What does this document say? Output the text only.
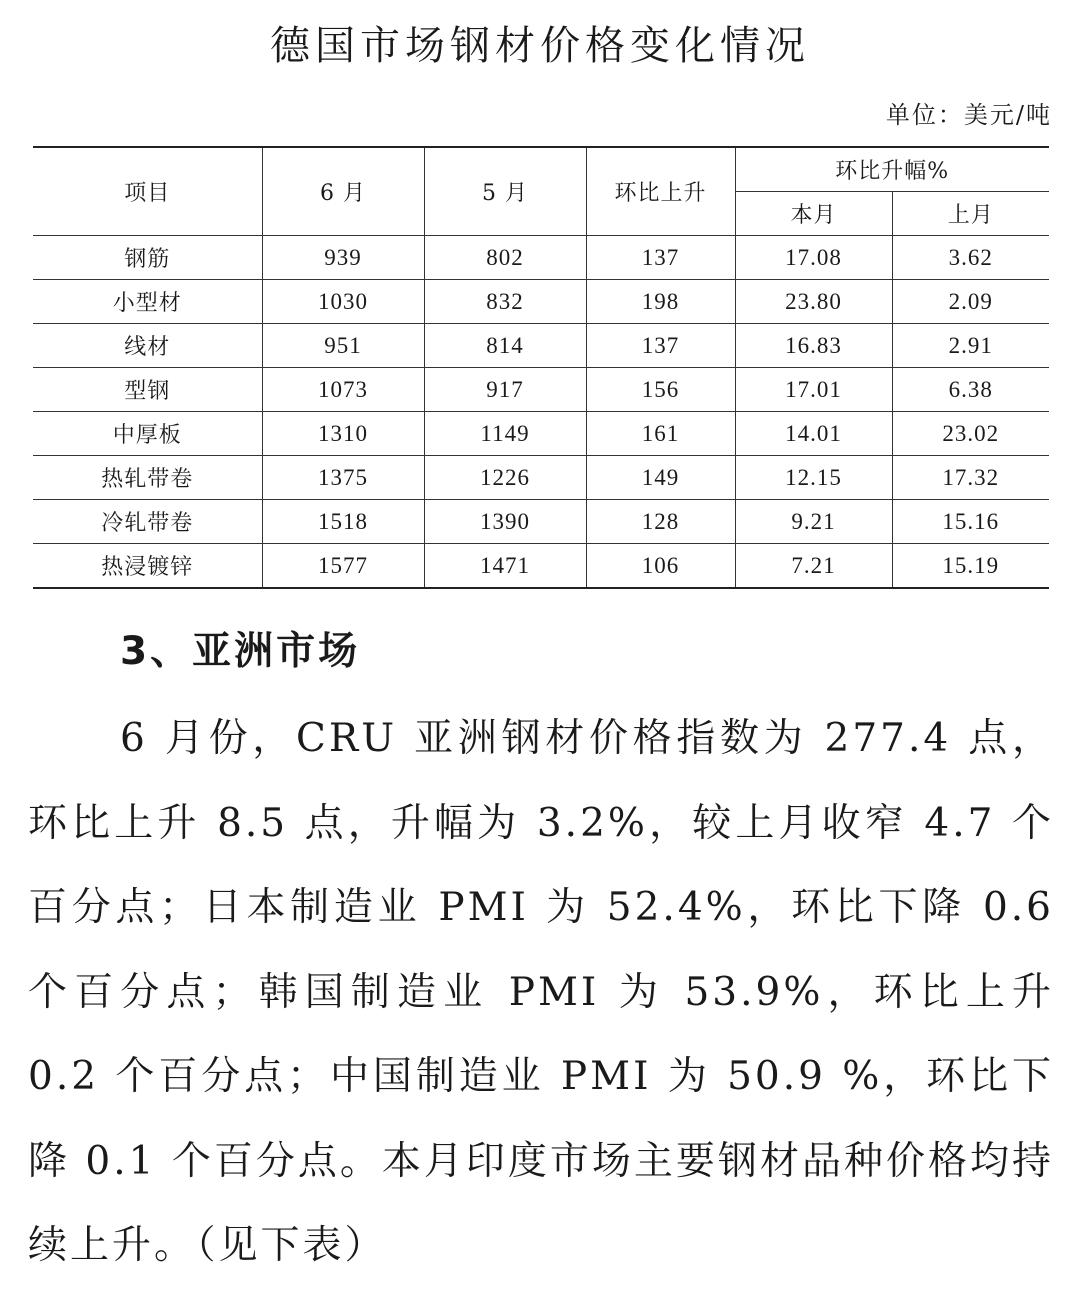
德国市场钢材价格变化情况
单位：美元/吨
项目	6 月	5 月	环比上升	环比升幅%	
				本月	上月
钢筋	939	802	137	17.08	3.62
小型材	1030	832	198	23.80	2.09
线材	951	814	137	16.83	2.91
型钢	1073	917	156	17.01	6.38
中厚板	1310	1149	161	14.01	23.02
热轧带卷	1375	1226	149	12.15	17.32
冷轧带卷	1518	1390	128	9.21	15.16
热浸镀锌	1577	1471	106	7.21	15.19
3、亚洲市场

6 月份，CRU 亚洲钢材价格指数为 277.4 点，环比上升 8.5 点，升幅为 3.2%，较上月收窄 4.7 个百分点；日本制造业 PMI 为 52.4%，环比下降 0.6 个百分点；韩国制造业 PMI 为 53.9%，环比上升 0.2 个百分点；中国制造业 PMI 为 50.9 %，环比下降 0.1 个百分点。本月印度市场主要钢材品种价格均持续上升。（见下表）
